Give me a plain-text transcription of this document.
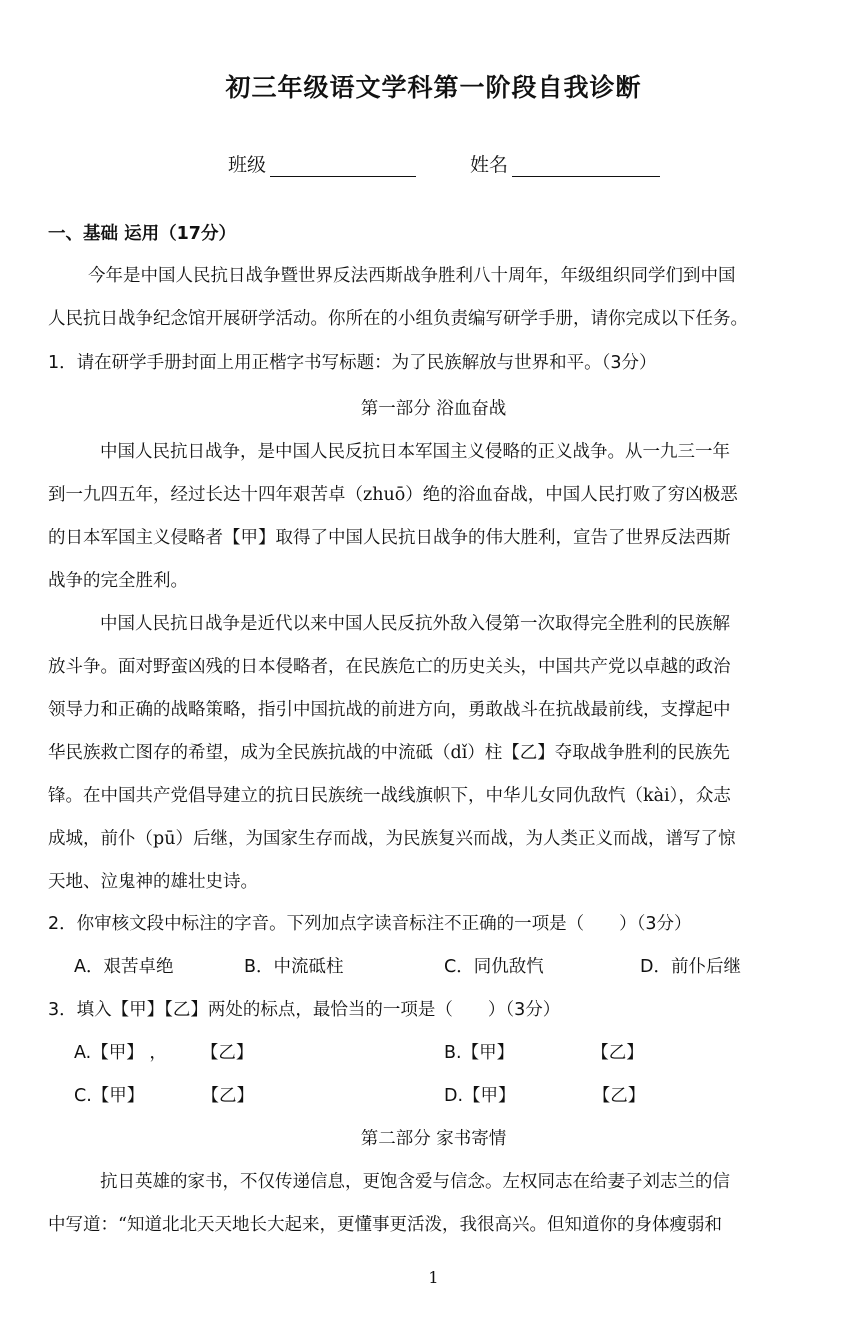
初三年级语文学科第一阶段自我诊断
班级	姓名
一、基础 运用（17分）
今年是中国人民抗日战争暨世界反法西斯战争胜利八十周年，年级组织同学们到中国
人民抗日战争纪念馆开展研学活动。你所在的小组负责编写研学手册，请你完成以下任务。
1．请在研学手册封面上用正楷字书写标题：为了民族解放与世界和平。（3分）
第一部分 浴血奋战
中国人民抗日战争，是中国人民反抗日本军国主义侵略的正义战争。从一九三一年
到一九四五年，经过长达十四年艰苦卓（zhuō）绝的浴血奋战，中国人民打败了穷凶极恶
的日本军国主义侵略者【甲】取得了中国人民抗日战争的伟大胜利，宣告了世界反法西斯
战争的完全胜利。
中国人民抗日战争是近代以来中国人民反抗外敌入侵第一次取得完全胜利的民族解
放斗争。面对野蛮凶残的日本侵略者，在民族危亡的历史关头，中国共产党以卓越的政治
领导力和正确的战略策略，指引中国抗战的前进方向，勇敢战斗在抗战最前线，支撑起中
华民族救亡图存的希望，成为全民族抗战的中流砥（dǐ）柱【乙】夺取战争胜利的民族先
锋。在中国共产党倡导建立的抗日民族统一战线旗帜下，中华儿女同仇敌忾（kài），众志
成城，前仆（pū）后继，为国家生存而战，为民族复兴而战，为人类正义而战，谱写了惊
天地、泣鬼神的雄壮史诗。
2．你审核文段中标注的字音。下列加点字读音标注不正确的一项是（　　）（3分）
A．艰苦卓绝	B．中流砥柱	C．同仇敌忾	D．前仆后继
3．填入【甲】【乙】两处的标点，最恰当的一项是（　　）（3分）
A.【甲】 ， 【乙】	B.【甲】	【乙】
C.【甲】	【乙】	D.【甲】	【乙】
第二部分 家书寄情
抗日英雄的家书，不仅传递信息，更饱含爱与信念。左权同志在给妻子刘志兰的信
中写道：“知道北北天天地长大起来，更懂事更活泼，我很高兴。但知道你的身体瘦弱和
1
